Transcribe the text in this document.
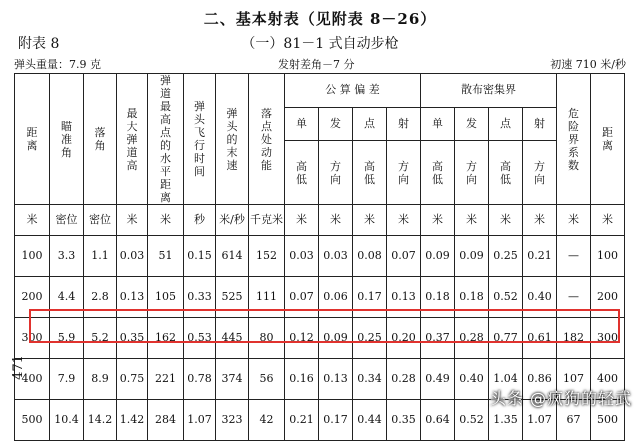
二、基本射表（见附表 8－26）
附表 8	（一）81－1 式自动步枪
弹头重量：7.9 克	发射差角－7 分	初速 710 米/秒
距离	瞄准角	落角	最大弹道高	弹道最高点的水平距离	弹头飞行时间	弹头的末速	落点处动能	公 算 偏 差				散布密集界				危险界系数	距离
								单	发	点	射	单	发	点	射		
								高低	方向	高低	方向	高低	方向	高低	方向		
米	密位	密位	米	米	秒	米/秒	千克米	米	米	米	米	米	米	米	米	米	米
100	3.3	1.1	0.03	51	0.15	614	152	0.03	0.03	0.08	0.07	0.09	0.09	0.25	0.21	—	100
200	4.4	2.8	0.13	105	0.33	525	111	0.07	0.06	0.17	0.13	0.18	0.18	0.52	0.40	—	200
300	5.9	5.2	0.35	162	0.53	445	80	0.12	0.09	0.25	0.20	0.37	0.28	0.77	0.61	182	300
400	7.9	8.9	0.75	221	0.78	374	56	0.16	0.13	0.34	0.28	0.49	0.40	1.04	0.86	107	400
500	10.4	14.2	1.42	284	1.07	323	42	0.21	0.17	0.44	0.35	0.64	0.52	1.35	1.07	67	500
471
头条 @疯狗的轻武
